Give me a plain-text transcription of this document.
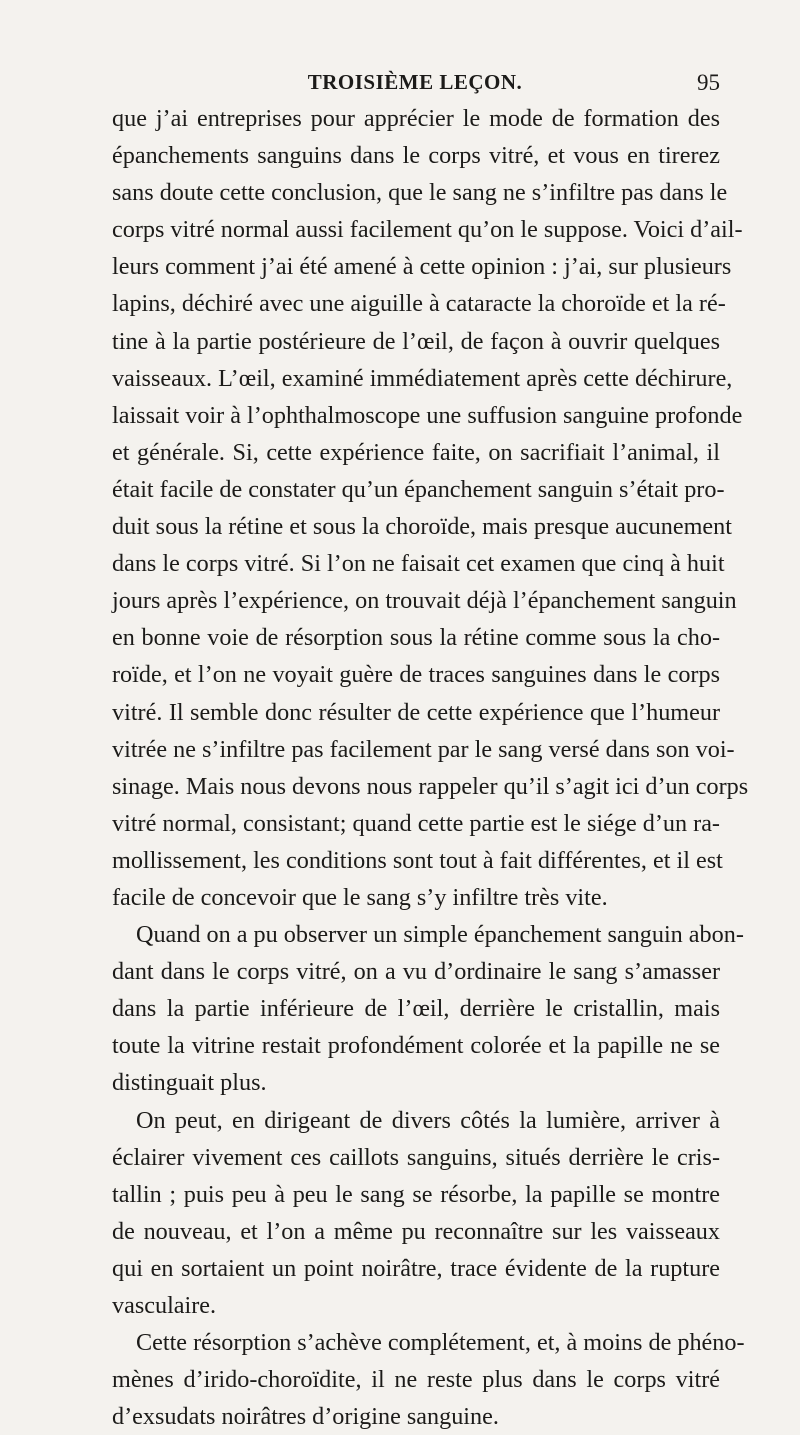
TROISIÈME LEÇON.	95
que j’ai entreprises pour apprécier le mode de formation des
épanchements sanguins dans le corps vitré, et vous en tirerez
sans doute cette conclusion, que le sang ne s’infiltre pas dans le
corps vitré normal aussi facilement qu’on le suppose. Voici d’ail-
leurs comment j’ai été amené à cette opinion : j’ai, sur plusieurs
lapins, déchiré avec une aiguille à cataracte la choroïde et la ré-
tine à la partie postérieure de l’œil, de façon à ouvrir quelques
vaisseaux. L’œil, examiné immédiatement après cette déchirure,
laissait voir à l’ophthalmoscope une suffusion sanguine profonde
et générale. Si, cette expérience faite, on sacrifiait l’animal, il
était facile de constater qu’un épanchement sanguin s’était pro-
duit sous la rétine et sous la choroïde, mais presque aucunement
dans le corps vitré. Si l’on ne faisait cet examen que cinq à huit
jours après l’expérience, on trouvait déjà l’épanchement sanguin
en bonne voie de résorption sous la rétine comme sous la cho-
roïde, et l’on ne voyait guère de traces sanguines dans le corps
vitré. Il semble donc résulter de cette expérience que l’humeur
vitrée ne s’infiltre pas facilement par le sang versé dans son voi-
sinage. Mais nous devons nous rappeler qu’il s’agit ici d’un corps
vitré normal, consistant; quand cette partie est le siége d’un ra-
mollissement, les conditions sont tout à fait différentes, et il est
facile de concevoir que le sang s’y infiltre très vite.
Quand on a pu observer un simple épanchement sanguin abon-
dant dans le corps vitré, on a vu d’ordinaire le sang s’amasser
dans la partie inférieure de l’œil, derrière le cristallin, mais
toute la vitrine restait profondément colorée et la papille ne se
distinguait plus.
On peut, en dirigeant de divers côtés la lumière, arriver à
éclairer vivement ces caillots sanguins, situés derrière le cris-
tallin ; puis peu à peu le sang se résorbe, la papille se montre
de nouveau, et l’on a même pu reconnaître sur les vaisseaux
qui en sortaient un point noirâtre, trace évidente de la rupture
vasculaire.
Cette résorption s’achève complétement, et, à moins de phéno-
mènes d’irido-choroïdite, il ne reste plus dans le corps vitré
d’exsudats noirâtres d’origine sanguine.
